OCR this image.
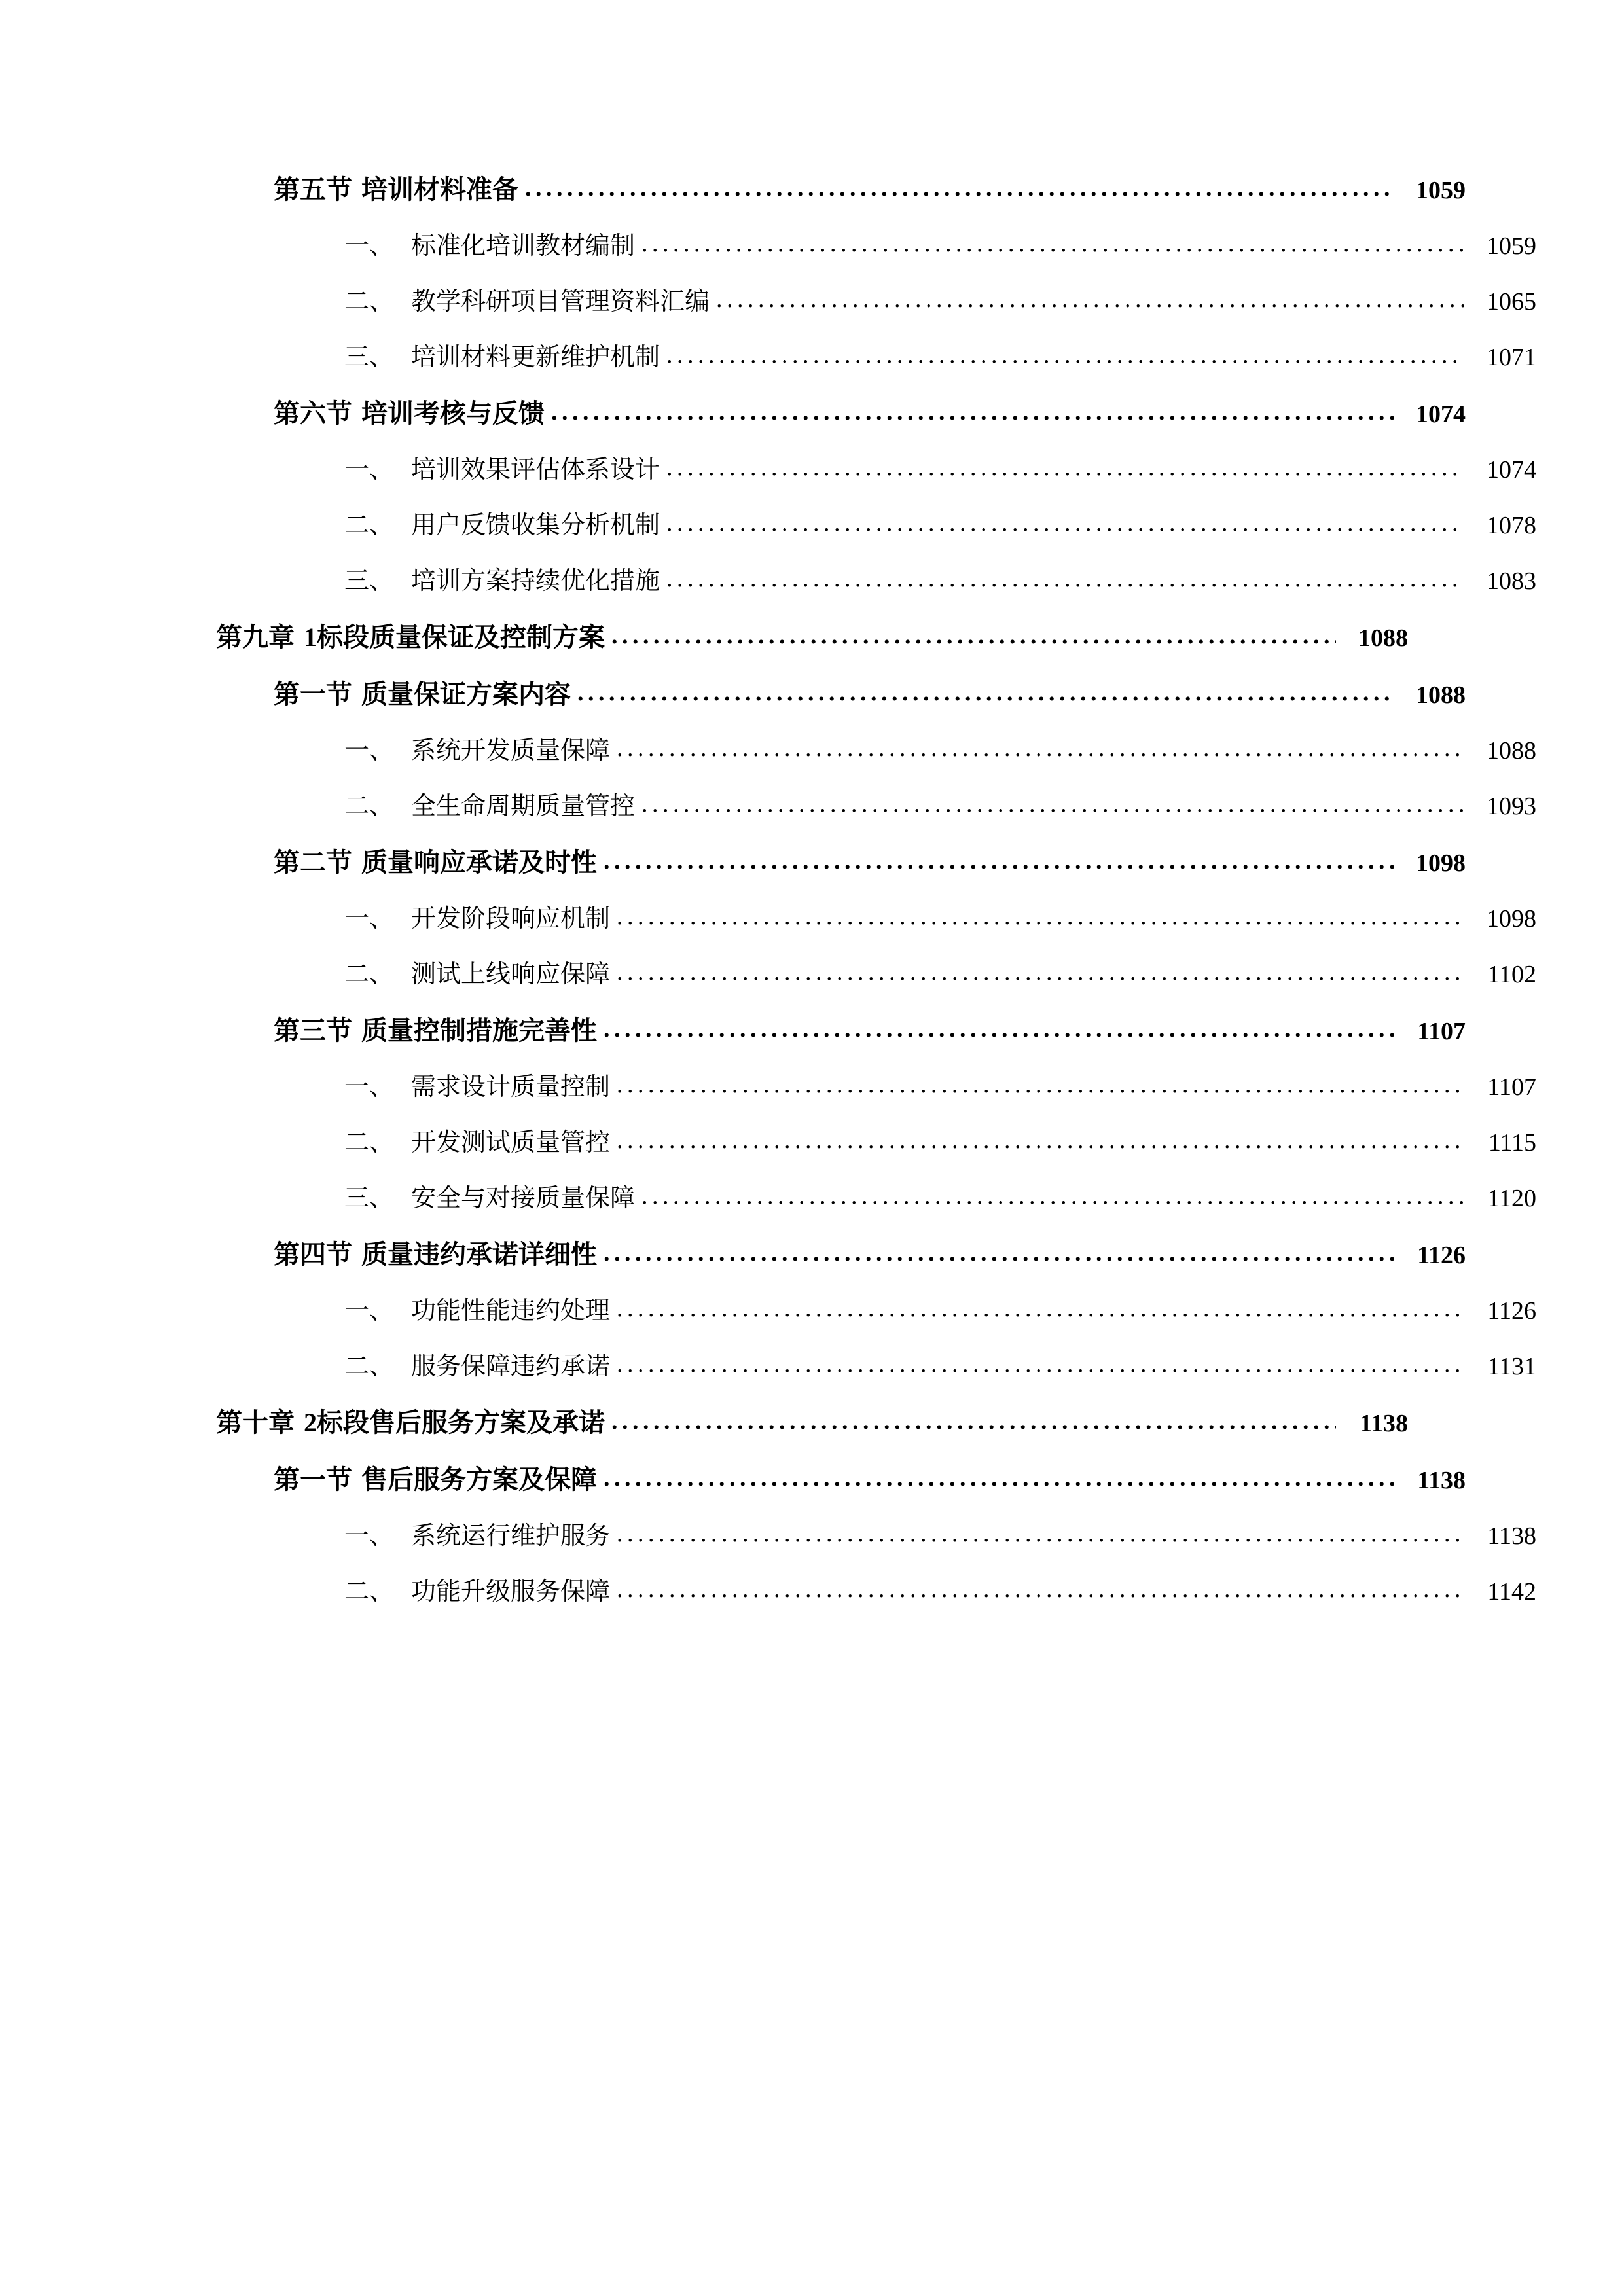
第五节 培训材料准备 .....	1059
一、 标准化培训教材编制 .....	1059
二、 教学科研项目管理资料汇编 .....	1065
三、 培训材料更新维护机制 .....	1071
第六节 培训考核与反馈 .....	1074
一、 培训效果评估体系设计 .....	1074
二、 用户反馈收集分析机制 .....	1078
三、 培训方案持续优化措施 .....	1083
第九章 1标段质量保证及控制方案 .....	1088
第一节 质量保证方案内容 .....	1088
一、 系统开发质量保障 .....	1088
二、 全生命周期质量管控 .....	1093
第二节 质量响应承诺及时性 .....	1098
一、 开发阶段响应机制 .....	1098
二、 测试上线响应保障 .....	1102
第三节 质量控制措施完善性 .....	1107
一、 需求设计质量控制 .....	1107
二、 开发测试质量管控 .....	1115
三、 安全与对接质量保障 .....	1120
第四节 质量违约承诺详细性 .....	1126
一、 功能性能违约处理 .....	1126
二、 服务保障违约承诺 .....	1131
第十章 2标段售后服务方案及承诺 .....	1138
第一节 售后服务方案及保障 .....	1138
一、 系统运行维护服务 .....	1138
二、 功能升级服务保障 .....	1142
